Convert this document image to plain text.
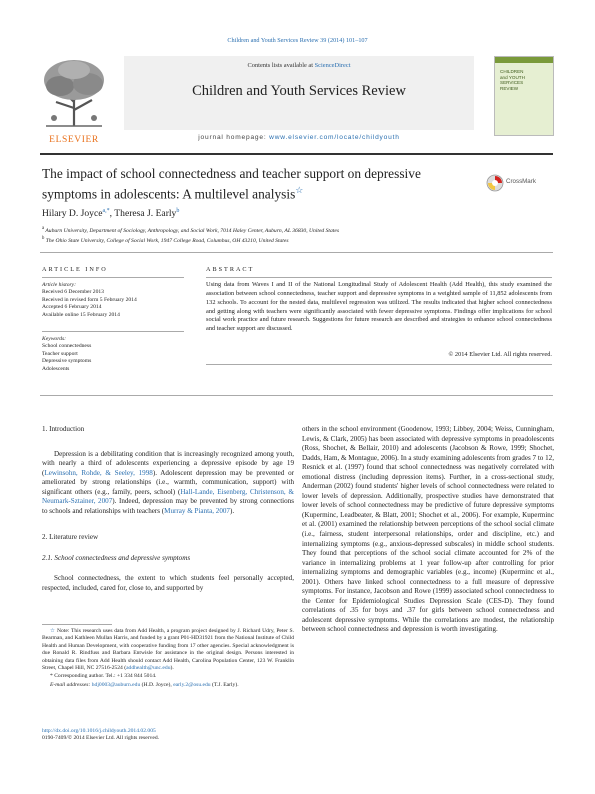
Children and Youth Services Review 39 (2014) 101–107
ELSEVIER
Contents lists available at ScienceDirect
Children and Youth Services Review
journal homepage: www.elsevier.com/locate/childyouth
CHILDREN and YOUTH SERVICES REVIEW
The impact of school connectedness and teacher support on depressive
symptoms in adolescents: A multilevel analysis☆
CrossMark
Hilary D. Joyce$^{a,*}$, Theresa J. Early$^b$
$^a$ Auburn University, Department of Sociology, Anthropology, and Social Work, 7014 Haley Center, Auburn, AL 36830, United States
$^b$ The Ohio State University, College of Social Work, 1947 College Road, Columbus, OH 43210, United States
ARTICLE INFO
Article history:
Received 6 December 2013
Received in revised form 5 February 2014
Accepted 6 February 2014
Available online 15 February 2014
Keywords:
School connectedness
Teacher support
Depressive symptoms
Adolescents
ABSTRACT
Using data from Waves I and II of the National Longitudinal Study of Adolescent Health (Add Health), this study examined the association between school connectedness, teacher support and depressive symptoms in a weighted sample of 11,852 adolescents from 132 schools. To account for the nested data, multilevel regression was utilized. The results indicated that higher school connectedness and getting along with teachers were significantly associated with fewer depressive symptoms. Findings offer implications for school social work practice and future research. Suggestions for future research are described and strategies to enhance school connectedness and teacher support are discussed.
© 2014 Elsevier Ltd. All rights reserved.
1. Introduction
Depression is a debilitating condition that is increasingly recognized among youth, with nearly a third of adolescents experiencing a depressive episode by age 19 (Lewinsohn, Rohde, & Seeley, 1998). Adolescent depression may be prevented or ameliorated by strong relationships (i.e., warmth, communication, support) with significant others (e.g., family, peers, school) (Hall-Lande, Eisenberg, Christenson, & Neumark-Sztainer, 2007). Indeed, depression may be prevented by strong connections to schools and relationships with teachers (Murray & Pianta, 2007).
2. Literature review
2.1. School connectedness and depressive symptoms
School connectedness, the extent to which students feel personally accepted, respected, included, cared for, close to, and supported by
☆ Note: This research uses data from Add Health, a program project designed by J. Richard Udry, Peter S. Bearman, and Kathleen Mullan Harris, and funded by a grant P01-HD31921 from the National Institute of Child Health and Human Development, with cooperative funding from 17 other agencies. Special acknowledgment is due Ronald R. Rindfuss and Barbara Entwisle for assistance in the original design. Persons interested in obtaining data files from Add Health should contact Add Health, Carolina Population Center, 123 W. Franklin Street, Chapel Hill, NC 27516-2524 (addhealth@unc.edu).
* Corresponding author. Tel.: +1 334 844 5014.
E-mail addresses: hdj0003@auburn.edu (H.D. Joyce), early.2@osu.edu (T.J. Early).
http://dx.doi.org/10.1016/j.childyouth.2014.02.005
0190-7409/© 2014 Elsevier Ltd. All rights reserved.

others in the school environment (Goodenow, 1993; Libbey, 2004; Weiss, Cunningham, Lewis, & Clark, 2005) has been associated with depressive symptoms in preadolescents (Ross, Shochet, & Bellair, 2010) and adolescents (Jacobson & Rowe, 1999; Shochet, Dadds, Ham, & Montague, 2006). In a study examining adolescents from grades 7 to 12, Resnick et al. (1997) found that school connectedness was negatively correlated with emotional distress (including depression items). Further, in a cross-sectional study, Anderman (2002) found students' higher levels of school connectedness were related to lower levels of depression. Additionally, prospective studies have demonstrated that lower levels of school connectedness may be predictive of future depressive symptoms (Kuperminc, Leadbeater, & Blatt, 2001; Shochet et al., 2006). For example, Kuperminc et al. (2001) examined the relationship between perceptions of the school social climate (i.e., fairness, student interpersonal relationships, order and discipline, etc.) and internalizing symptoms (e.g., anxious-depressed subscales) in middle school students. They found that perceptions of the school social climate accounted for 2% of the variance in internalizing problems at 1 year follow-up after controlling for prior internalizing symptoms and demographic variables (e.g., income) (Kuperminc et al., 2001). Others have linked school connectedness to a full measure of depressive symptoms. For instance, Jacobson and Rowe (1999) associated school connectedness to the Center for Epidemiological Studies Depression Scale (CES-D). They found correlations of .35 for boys and .37 for girls between school connectedness and adolescent depressive symptoms. While the correlations are modest, the relationship between school connectedness and depression is worth investigating.
